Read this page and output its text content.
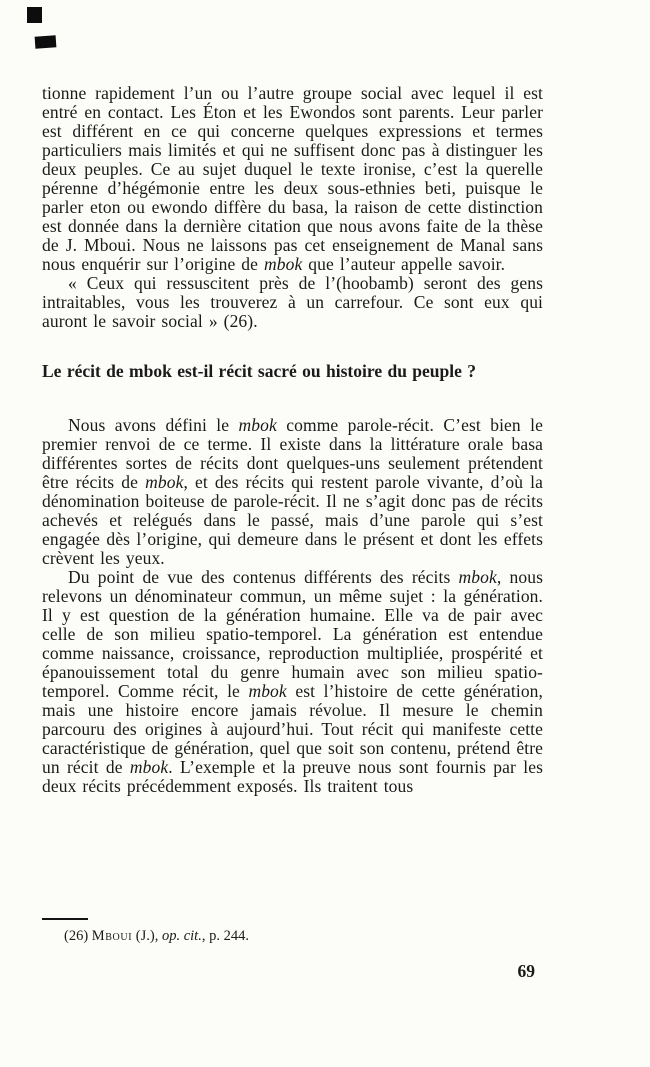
tionne rapidement l’un ou l’autre groupe social avec lequel il est entré en contact. Les Éton et les Ewondos sont parents. Leur parler est différent en ce qui concerne quelques expressions et termes particuliers mais limités et qui ne suffisent donc pas à distinguer les deux peuples. Ce au sujet duquel le texte ironise, c’est la querelle pérenne d’hégémonie entre les deux sous-ethnies beti, puisque le parler eton ou ewondo diffère du basa, la raison de cette distinction est donnée dans la dernière citation que nous avons faite de la thèse de J. Mboui. Nous ne laissons pas cet enseignement de Manal sans nous enquérir sur l’origine de mbok que l’auteur appelle savoir.

« Ceux qui ressuscitent près de l’(hoobamb) seront des gens intraitables, vous les trouverez à un carrefour. Ce sont eux qui auront le savoir social » (26).

Le récit de mbok est-il récit sacré ou histoire du peuple ?

Nous avons défini le mbok comme parole-récit. C’est bien le premier renvoi de ce terme. Il existe dans la littérature orale basa différentes sortes de récits dont quelques-uns seulement prétendent être récits de mbok, et des récits qui restent parole vivante, d’où la dénomination boiteuse de parole-récit. Il ne s’agit donc pas de récits achevés et relégués dans le passé, mais d’une parole qui s’est engagée dès l’origine, qui demeure dans le présent et dont les effets crèvent les yeux.

Du point de vue des contenus différents des récits mbok, nous relevons un dénominateur commun, un même sujet : la génération. Il y est question de la génération humaine. Elle va de pair avec celle de son milieu spatio-temporel. La génération est entendue comme naissance, croissance, reproduction multipliée, prospérité et épanouissement total du genre humain avec son milieu spatio-temporel. Comme récit, le mbok est l’histoire de cette génération, mais une histoire encore jamais révolue. Il mesure le chemin parcouru des origines à aujourd’hui. Tout récit qui manifeste cette caractéristique de génération, quel que soit son contenu, prétend être un récit de mbok. L’exemple et la preuve nous sont fournis par les deux récits précédemment exposés. Ils traitent tous

(26) Mboui (J.), op. cit., p. 244.

69
